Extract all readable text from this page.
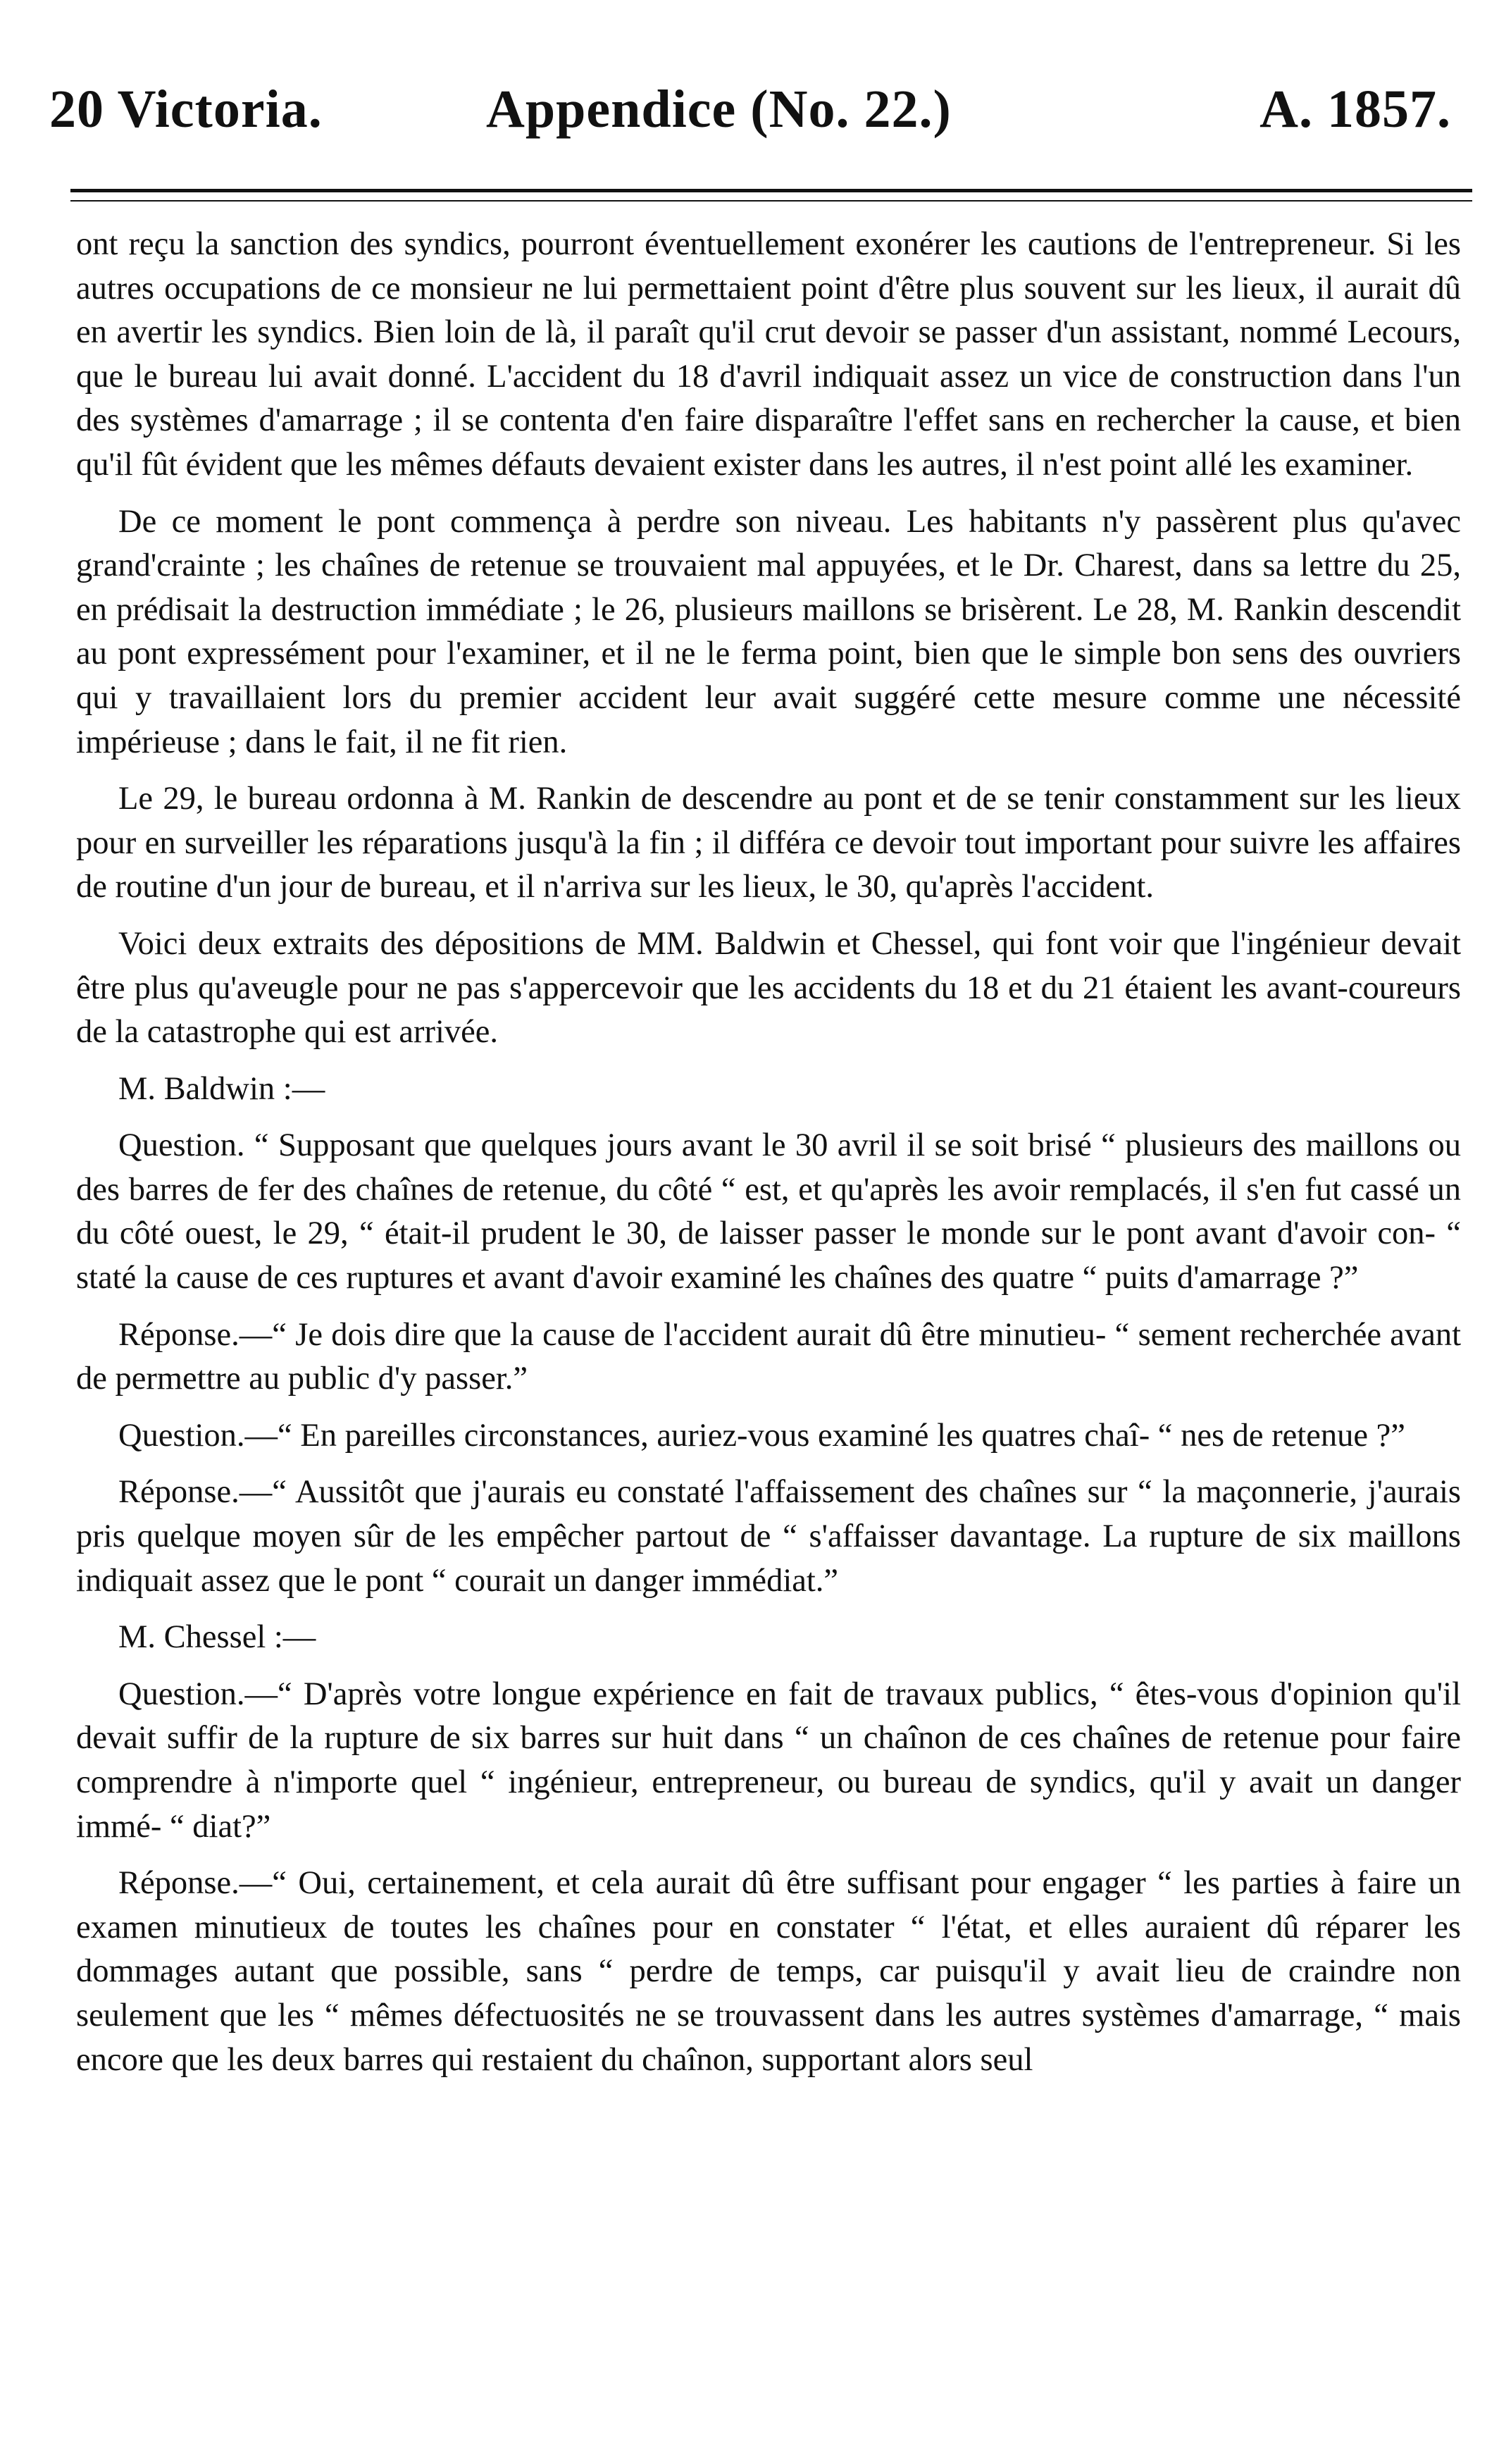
20 Victoria.	Appendice (No. 22.)	A. 1857.

ont reçu la sanction des syndics, pourront éventuellement exonérer les cautions de l'entrepreneur. Si les autres occupations de ce monsieur ne lui permettaient point d'être plus souvent sur les lieux, il aurait dû en avertir les syndics. Bien loin de là, il paraît qu'il crut devoir se passer d'un assistant, nommé Lecours, que le bureau lui avait donné. L'accident du 18 d'avril indiquait assez un vice de construction dans l'un des systèmes d'amarrage ; il se contenta d'en faire disparaître l'effet sans en rechercher la cause, et bien qu'il fût évident que les mêmes défauts devaient exister dans les autres, il n'est point allé les examiner.

De ce moment le pont commença à perdre son niveau. Les habitants n'y passèrent plus qu'avec grand'crainte ; les chaînes de retenue se trouvaient mal appuyées, et le Dr. Charest, dans sa lettre du 25, en prédisait la destruction immédiate ; le 26, plusieurs maillons se brisèrent. Le 28, M. Rankin descendit au pont expressément pour l'examiner, et il ne le ferma point, bien que le simple bon sens des ouvriers qui y travaillaient lors du premier accident leur avait suggéré cette mesure comme une nécessité impérieuse ; dans le fait, il ne fit rien.

Le 29, le bureau ordonna à M. Rankin de descendre au pont et de se tenir constamment sur les lieux pour en surveiller les réparations jusqu'à la fin ; il différa ce devoir tout important pour suivre les affaires de routine d'un jour de bureau, et il n'arriva sur les lieux, le 30, qu'après l'accident.

Voici deux extraits des dépositions de MM. Baldwin et Chessel, qui font voir que l'ingénieur devait être plus qu'aveugle pour ne pas s'appercevoir que les accidents du 18 et du 21 étaient les avant-coureurs de la catastrophe qui est arrivée.

M. Baldwin :—

Question. “ Supposant que quelques jours avant le 30 avril il se soit brisé “ plusieurs des maillons ou des barres de fer des chaînes de retenue, du côté “ est, et qu'après les avoir remplacés, il s'en fut cassé un du côté ouest, le 29, “ était-il prudent le 30, de laisser passer le monde sur le pont avant d'avoir con- “ staté la cause de ces ruptures et avant d'avoir examiné les chaînes des quatre “ puits d'amarrage ?”

Réponse.—“ Je dois dire que la cause de l'accident aurait dû être minutieu- “ sement recherchée avant de permettre au public d'y passer.”

Question.—“ En pareilles circonstances, auriez-vous examiné les quatres chaî- “ nes de retenue ?”

Réponse.—“ Aussitôt que j'aurais eu constaté l'affaissement des chaînes sur “ la maçonnerie, j'aurais pris quelque moyen sûr de les empêcher partout de “ s'affaisser davantage. La rupture de six maillons indiquait assez que le pont “ courait un danger immédiat.”

M. Chessel :—

Question.—“ D'après votre longue expérience en fait de travaux publics, “ êtes-vous d'opinion qu'il devait suffir de la rupture de six barres sur huit dans “ un chaînon de ces chaînes de retenue pour faire comprendre à n'importe quel “ ingénieur, entrepreneur, ou bureau de syndics, qu'il y avait un danger immé- “ diat?”

Réponse.—“ Oui, certainement, et cela aurait dû être suffisant pour engager “ les parties à faire un examen minutieux de toutes les chaînes pour en constater “ l'état, et elles auraient dû réparer les dommages autant que possible, sans “ perdre de temps, car puisqu'il y avait lieu de craindre non seulement que les “ mêmes défectuosités ne se trouvassent dans les autres systèmes d'amarrage, “ mais encore que les deux barres qui restaient du chaînon, supportant alors seul
